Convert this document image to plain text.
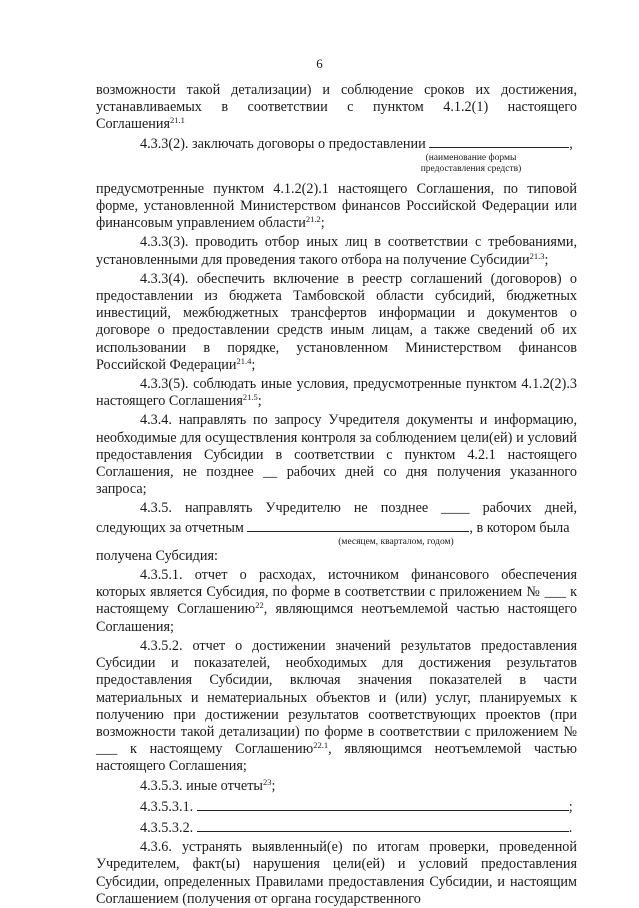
6

возможности такой детализации) и соблюдение сроков их достижения,

устанавливаемых в соответствии с пунктом 4.1.2(1) настоящего

Соглашения$^{21.1}$

4.3.3(2). заключать договоры о предоставлении	,

(наименование формы
предоставления средств)

предусмотренные пунктом 4.1.2(2).1 настоящего Соглашения, по типовой форме, установленной Министерством финансов Российской Федерации или финансовым управлением области$^{21.2}$;

4.3.3(3). проводить отбор иных лиц в соответствии с требованиями, установленными для проведения такого отбора на получение Субсидии$^{21.3}$;

4.3.3(4). обеспечить включение в реестр соглашений (договоров) о предоставлении из бюджета Тамбовской области субсидий, бюджетных инвестиций, межбюджетных трансфертов информации и документов о договоре о предоставлении средств иным лицам, а также сведений об их использовании в порядке, установленном Министерством финансов Российской Федерации$^{21.4}$;

4.3.3(5). соблюдать иные условия, предусмотренные пунктом 4.1.2(2).3 настоящего Соглашения$^{21.5}$;

4.3.4. направлять по запросу Учредителя документы и информацию, необходимые для осуществления контроля за соблюдением цели(ей) и условий предоставления Субсидии в соответствии с пунктом 4.2.1 настоящего Соглашения, не позднее __ рабочих дней со дня получения указанного запроса;

4.3.5. направлять Учредителю не позднее ____ рабочих дней,

следующих за отчетным	, в котором была

(месяцем, кварталом, годом)

получена Субсидия:

4.3.5.1. отчет о расходах, источником финансового обеспечения которых является Субсидия, по форме в соответствии с приложением № ___ к настоящему Соглашению$^{22}$, являющимся неотъемлемой частью настоящего Соглашения;

4.3.5.2. отчет о достижении значений результатов предоставления Субсидии и показателей, необходимых для достижения результатов предоставления Субсидии, включая значения показателей в части материальных и нематериальных объектов и (или) услуг, планируемых к получению при достижении результатов соответствующих проектов (при возможности такой детализации) по форме в соответствии с приложением № ___ к настоящему Соглашению$^{22.1}$, являющимся неотъемлемой частью настоящего Соглашения;

4.3.5.3. иные отчеты$^{23}$;

4.3.5.3.1.	;

4.3.5.3.2.	.

4.3.6. устранять выявленный(е) по итогам проверки, проведенной Учредителем, факт(ы) нарушения цели(ей) и условий предоставления Субсидии, определенных Правилами предоставления Субсидии, и настоящим Соглашением (получения от органа государственного
